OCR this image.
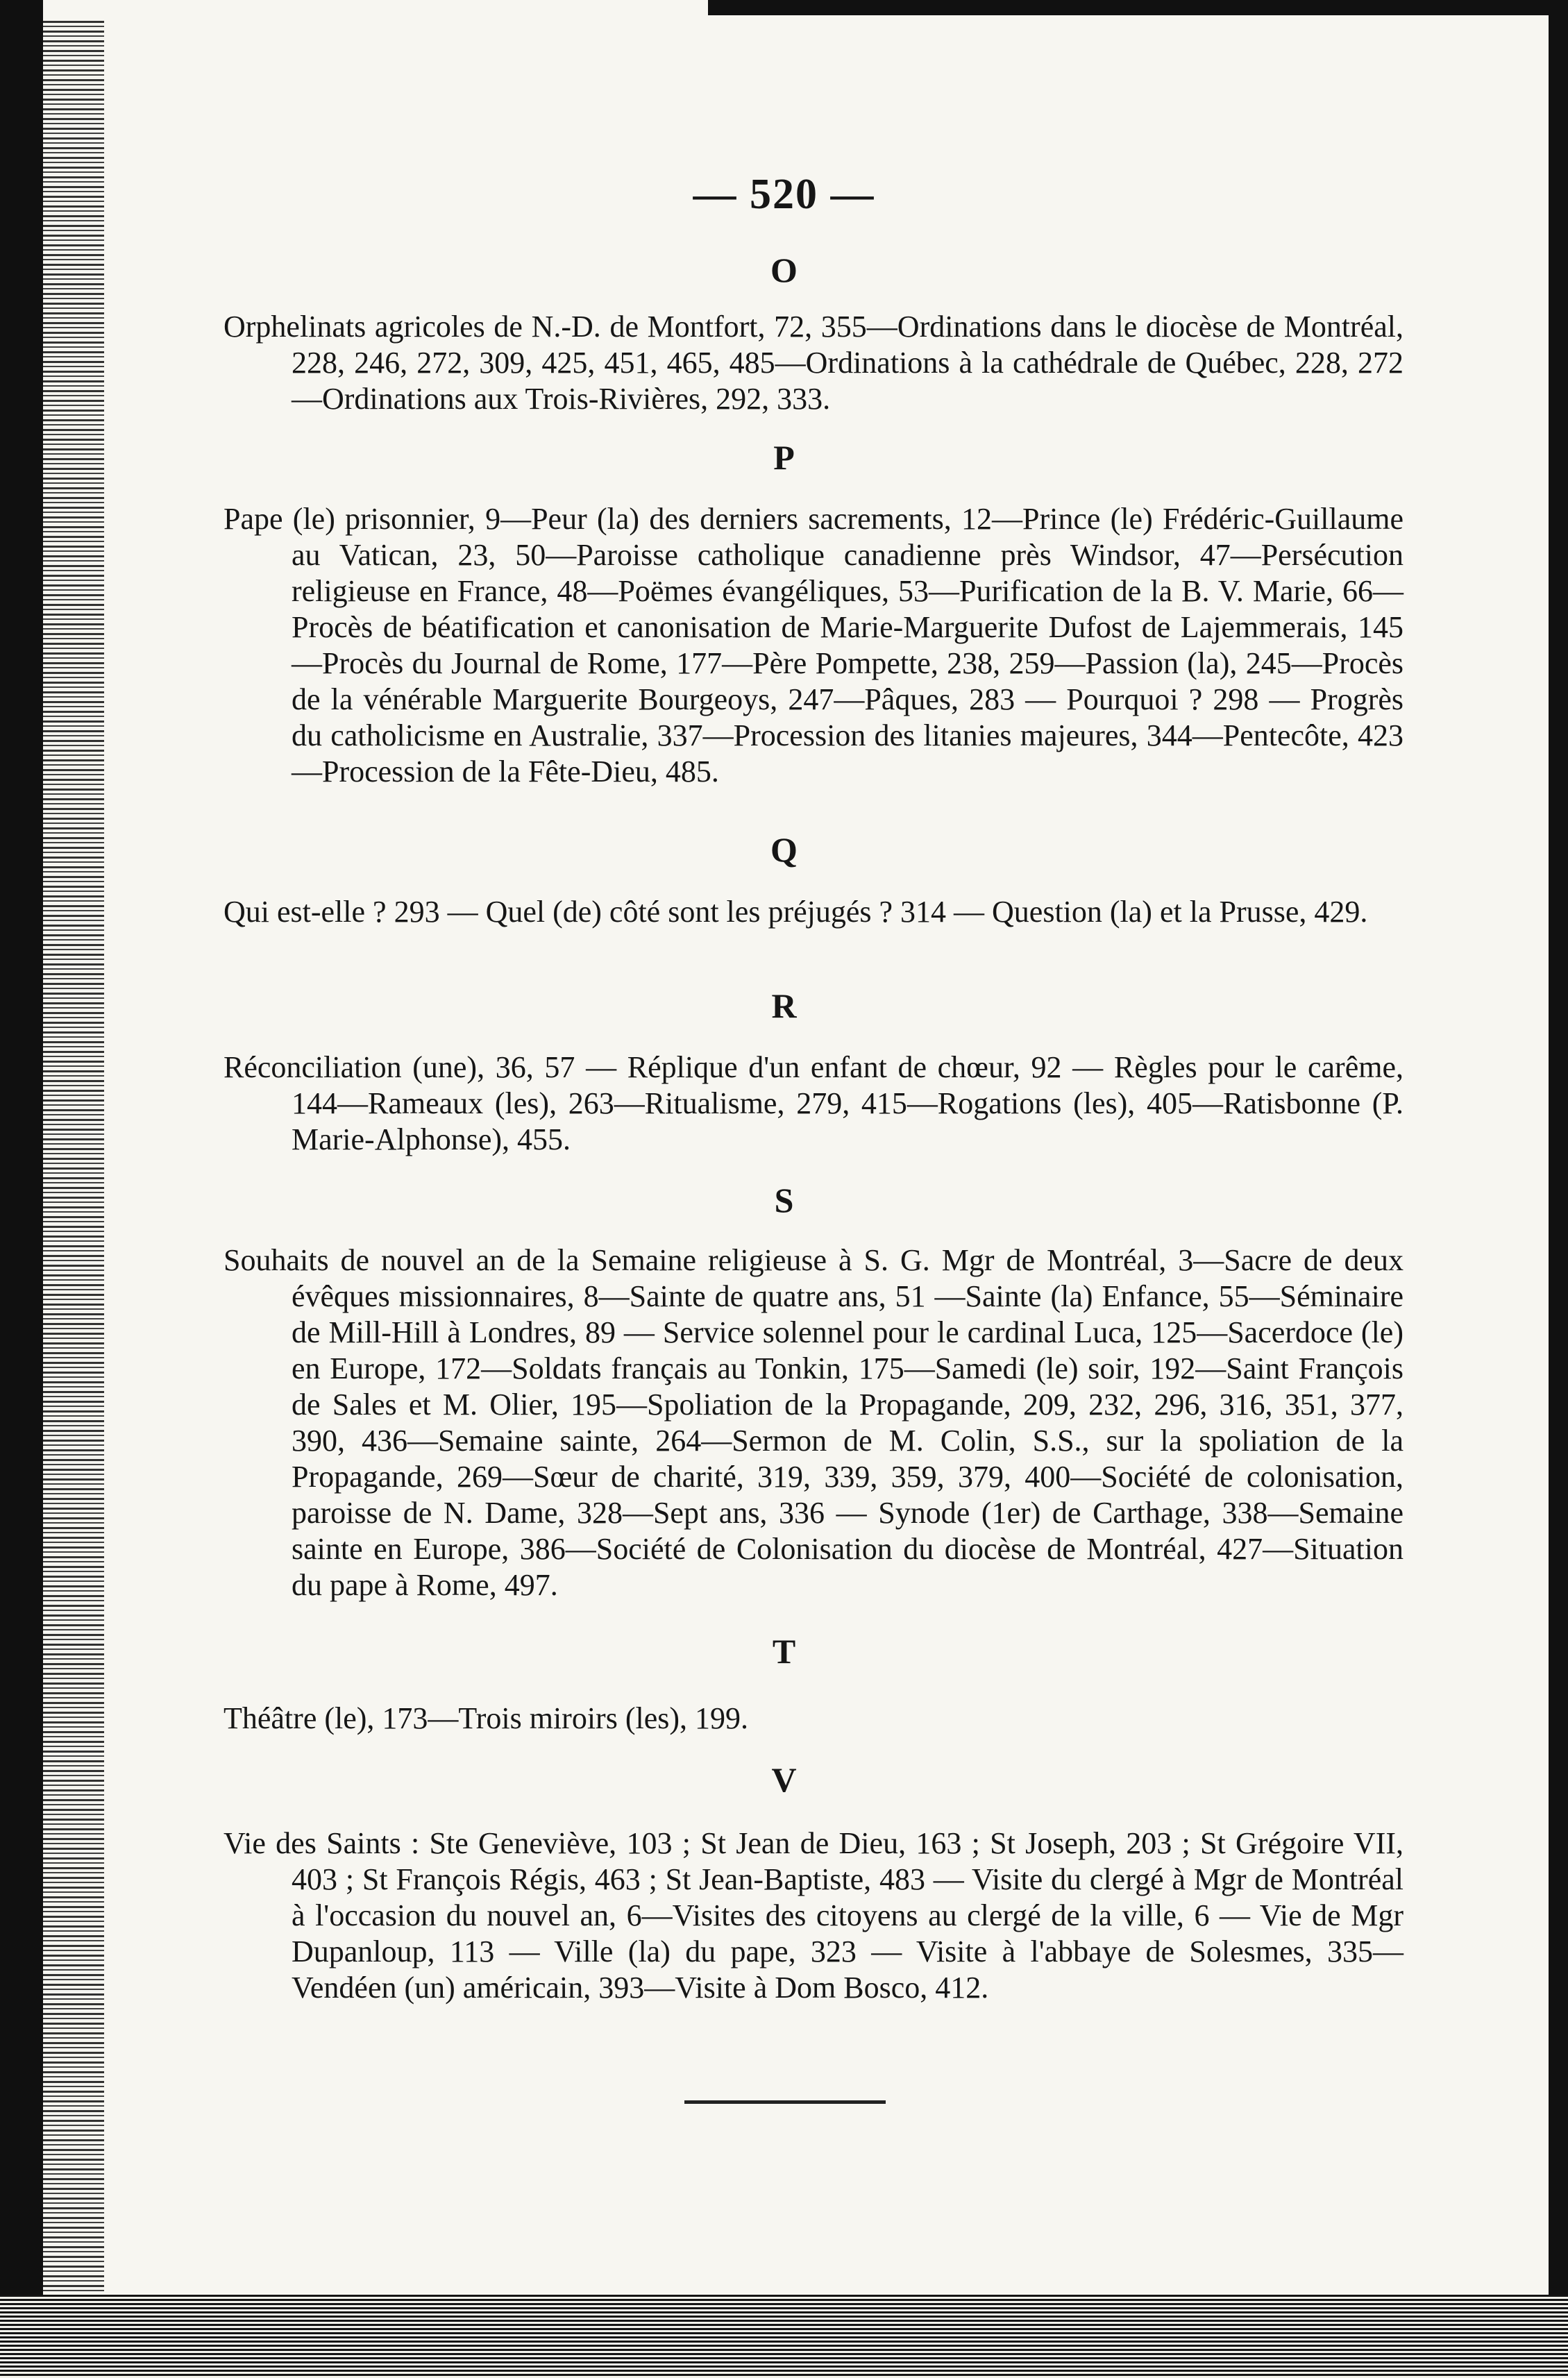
— 520 —
O
Orphelinats agricoles de N.-D. de Montfort, 72, 355—Ordinations dans le diocèse de Montréal, 228, 246, 272, 309, 425, 451, 465, 485—Ordinations à la cathédrale de Québec, 228, 272—Ordinations aux Trois-Rivières, 292, 333.
P
Pape (le) prisonnier, 9—Peur (la) des derniers sacrements, 12—Prince (le) Frédéric-Guillaume au Vatican, 23, 50—Paroisse catholique canadienne près Windsor, 47—Persécution religieuse en France, 48—Poëmes évangéliques, 53—Purification de la B. V. Marie, 66—Procès de béatification et canonisation de Marie-Marguerite Dufost de Lajemmerais, 145—Procès du Journal de Rome, 177—Père Pompette, 238, 259—Passion (la), 245—Procès de la vénérable Marguerite Bourgeoys, 247—Pâques, 283 — Pourquoi ? 298 — Progrès du catholicisme en Australie, 337—Procession des litanies majeures, 344—Pentecôte, 423—Procession de la Fête-Dieu, 485.
Q
Qui est-elle ? 293 — Quel (de) côté sont les préjugés ? 314 — Question (la) et la Prusse, 429.
R
Réconciliation (une), 36, 57 — Réplique d'un enfant de chœur, 92 — Règles pour le carême, 144—Rameaux (les), 263—Ritualisme, 279, 415—Rogations (les), 405—Ratisbonne (P. Marie-Alphonse), 455.
S
Souhaits de nouvel an de la Semaine religieuse à S. G. Mgr de Montréal, 3—Sacre de deux évêques missionnaires, 8—Sainte de quatre ans, 51 —Sainte (la) Enfance, 55—Séminaire de Mill-Hill à Londres, 89 — Service solennel pour le cardinal Luca, 125—Sacerdoce (le) en Europe, 172—Soldats français au Tonkin, 175—Samedi (le) soir, 192—Saint François de Sales et M. Olier, 195—Spoliation de la Propagande, 209, 232, 296, 316, 351, 377, 390, 436—Semaine sainte, 264—Sermon de M. Colin, S.S., sur la spoliation de la Propagande, 269—Sœur de charité, 319, 339, 359, 379, 400—Société de colonisation, paroisse de N. Dame, 328—Sept ans, 336 — Synode (1er) de Carthage, 338—Semaine sainte en Europe, 386—Société de Colonisation du diocèse de Montréal, 427—Situation du pape à Rome, 497.
T
Théâtre (le), 173—Trois miroirs (les), 199.
V
Vie des Saints : Ste Geneviève, 103 ; St Jean de Dieu, 163 ; St Joseph, 203 ; St Grégoire VII, 403 ; St François Régis, 463 ; St Jean-Baptiste, 483 — Visite du clergé à Mgr de Montréal à l'occasion du nouvel an, 6—Visites des citoyens au clergé de la ville, 6 — Vie de Mgr Dupanloup, 113 — Ville (la) du pape, 323 — Visite à l'abbaye de Solesmes, 335—Vendéen (un) américain, 393—Visite à Dom Bosco, 412.
